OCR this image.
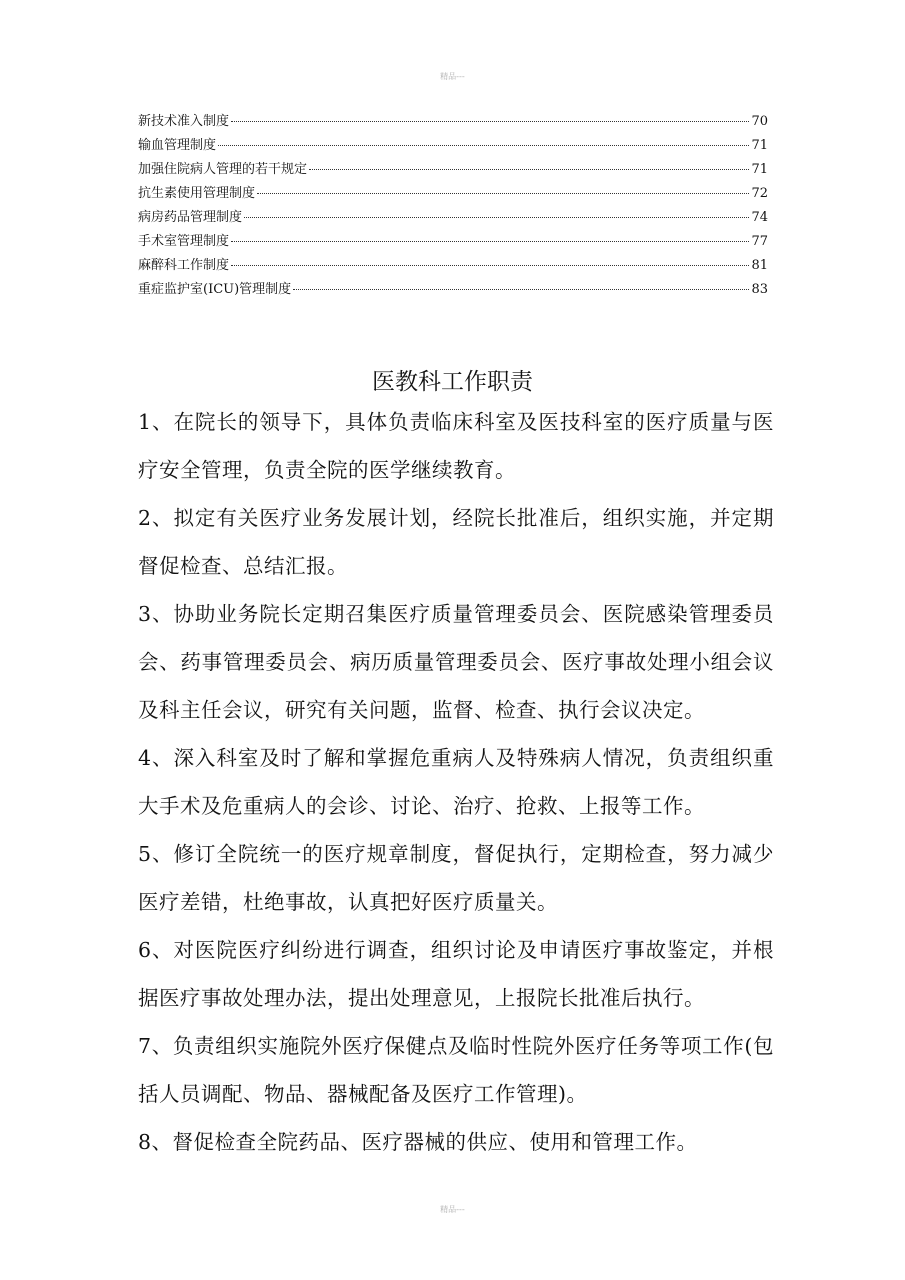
精品---
新技术准入制度	70
输血管理制度	71
加强住院病人管理的若干规定	71
抗生素使用管理制度	72
病房药品管理制度	74
手术室管理制度	77
麻醉科工作制度	81
重症监护室(ICU)管理制度	83
医教科工作职责

1、在院长的领导下，具体负责临床科室及医技科室的医疗质量与医疗安全管理，负责全院的医学继续教育。

2、拟定有关医疗业务发展计划，经院长批准后，组织实施，并定期督促检查、总结汇报。

3、协助业务院长定期召集医疗质量管理委员会、医院感染管理委员会、药事管理委员会、病历质量管理委员会、医疗事故处理小组会议及科主任会议，研究有关问题，监督、检查、执行会议决定。

4、深入科室及时了解和掌握危重病人及特殊病人情况，负责组织重大手术及危重病人的会诊、讨论、治疗、抢救、上报等工作。

5、修订全院统一的医疗规章制度，督促执行，定期检查，努力减少医疗差错，杜绝事故，认真把好医疗质量关。

6、对医院医疗纠纷进行调查，组织讨论及申请医疗事故鉴定，并根据医疗事故处理办法，提出处理意见，上报院长批准后执行。

7、负责组织实施院外医疗保健点及临时性院外医疗任务等项工作(包括人员调配、物品、器械配备及医疗工作管理)。

8、督促检查全院药品、医疗器械的供应、使用和管理工作。

精品---
